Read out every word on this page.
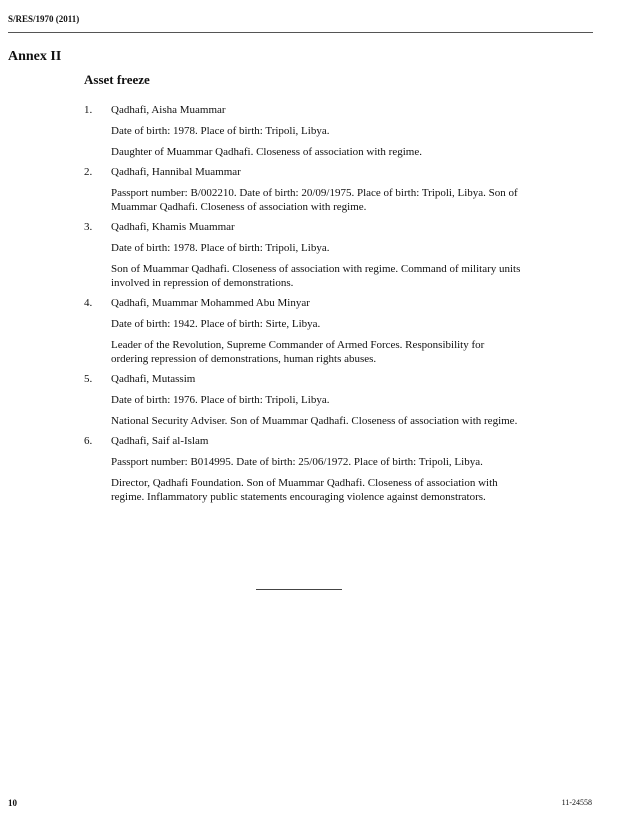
S/RES/1970 (2011)
Annex II
Asset freeze
1. Qadhafi, Aisha Muammar
Date of birth: 1978. Place of birth: Tripoli, Libya.
Daughter of Muammar Qadhafi. Closeness of association with regime.
2. Qadhafi, Hannibal Muammar
Passport number: B/002210. Date of birth: 20/09/1975. Place of birth: Tripoli, Libya. Son of Muammar Qadhafi. Closeness of association with regime.
3. Qadhafi, Khamis Muammar
Date of birth: 1978. Place of birth: Tripoli, Libya.
Son of Muammar Qadhafi. Closeness of association with regime. Command of military units involved in repression of demonstrations.
4. Qadhafi, Muammar Mohammed Abu Minyar
Date of birth: 1942. Place of birth: Sirte, Libya.
Leader of the Revolution, Supreme Commander of Armed Forces. Responsibility for ordering repression of demonstrations, human rights abuses.
5. Qadhafi, Mutassim
Date of birth: 1976. Place of birth: Tripoli, Libya.
National Security Adviser. Son of Muammar Qadhafi. Closeness of association with regime.
6. Qadhafi, Saif al-Islam
Passport number: B014995. Date of birth: 25/06/1972. Place of birth: Tripoli, Libya.
Director, Qadhafi Foundation. Son of Muammar Qadhafi. Closeness of association with regime. Inflammatory public statements encouraging violence against demonstrators.
10	11-24558
